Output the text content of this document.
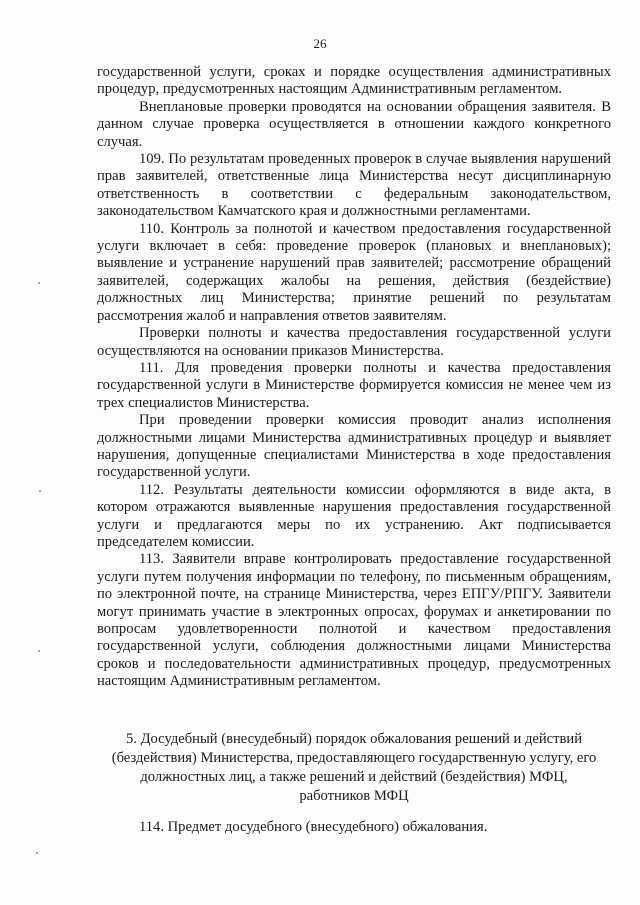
26

государственной услуги, сроках и порядке осуществления административных процедур, предусмотренных настоящим Административным регламентом.

Внеплановые проверки проводятся на основании обращения заявителя. В данном случае проверка осуществляется в отношении каждого конкретного случая.

109. По результатам проведенных проверок в случае выявления нарушений прав заявителей, ответственные лица Министерства несут дисциплинарную ответственность в соответствии с федеральным законодательством, законодательством Камчатского края и должностными регламентами.

110. Контроль за полнотой и качеством предоставления государственной услуги включает в себя: проведение проверок (плановых и внеплановых); выявление и устранение нарушений прав заявителей; рассмотрение обращений заявителей, содержащих жалобы на решения, действия (бездействие) должностных лиц Министерства; принятие решений по результатам рассмотрения жалоб и направления ответов заявителям.

Проверки полноты и качества предоставления государственной услуги осуществляются на основании приказов Министерства.

111. Для проведения проверки полноты и качества предоставления государственной услуги в Министерстве формируется комиссия не менее чем из трех специалистов Министерства.

При проведении проверки комиссия проводит анализ исполнения должностными лицами Министерства административных процедур и выявляет нарушения, допущенные специалистами Министерства в ходе предоставления государственной услуги.

112. Результаты деятельности комиссии оформляются в виде акта, в котором отражаются выявленные нарушения предоставления государственной услуги и предлагаются меры по их устранению. Акт подписывается председателем комиссии.

113. Заявители вправе контролировать предоставление государственной услуги путем получения информации по телефону, по письменным обращениям, по электронной почте, на странице Министерства, через ЕПГУ/РПГУ. Заявители могут принимать участие в электронных опросах, форумах и анкетировании по вопросам удовлетворенности полнотой и качеством предоставления государственной услуги, соблюдения должностными лицами Министерства сроков и последовательности административных процедур, предусмотренных настоящим Административным регламентом.

5. Досудебный (внесудебный) порядок обжалования решений и действий
(бездействия) Министерства, предоставляющего государственную услугу, его
должностных лиц, а также решений и действий (бездействия) МФЦ,
работников МФЦ
114. Предмет досудебного (внесудебного) обжалования.
